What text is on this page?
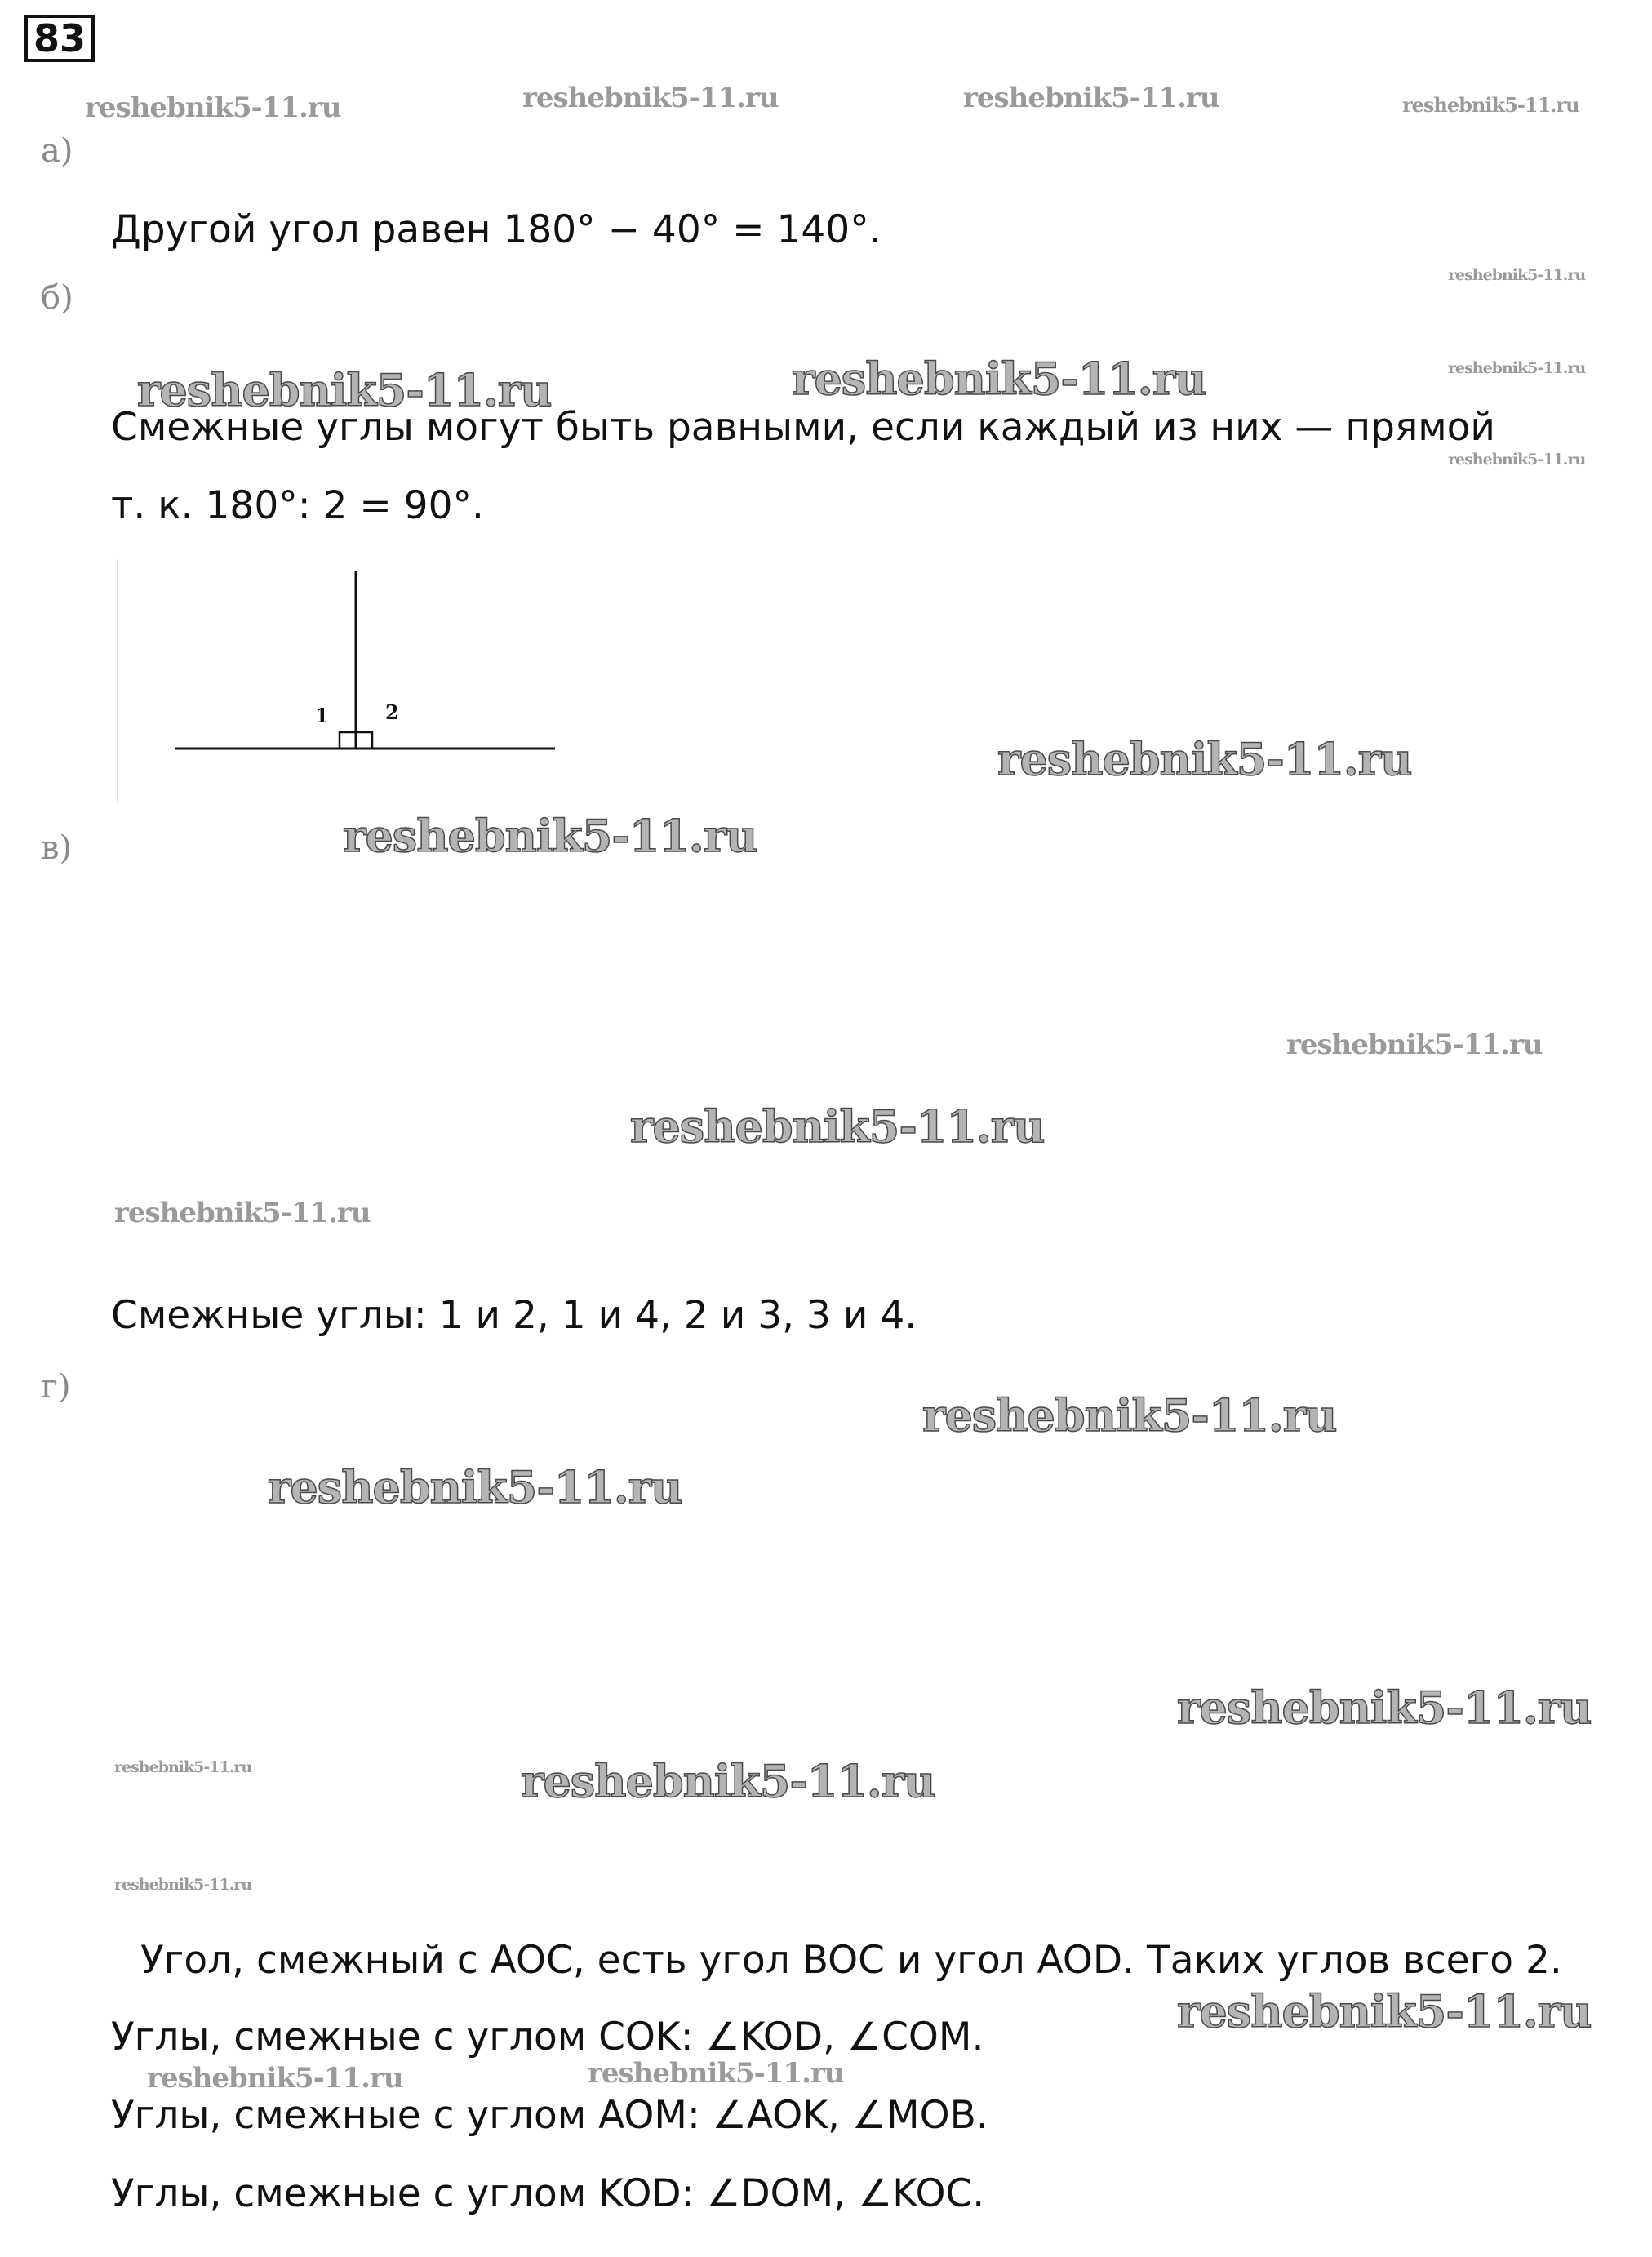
83
а)
б)
в)
г)
Другой угол равен 180° − 40° = 140°.
Смежные углы могут быть равными, если каждый из них — прямой
т. к. 180°: 2 = 90°.
1	2
Смежные углы: 1 и 2, 1 и 4, 2 и 3, 3 и 4.
Угол, смежный с AOC, есть угол BOC и угол AOD. Таких углов всего 2.
Углы, смежные с углом COK: ∠KOD, ∠COM.
Углы, смежные с углом AOM: ∠AOK, ∠MOB.
Углы, смежные с углом KOD: ∠DOM, ∠KOC.
reshebnik5-11.ru	reshebnik5-11.ru	reshebnik5-11.ru	reshebnik5-11.ru
reshebnik5-11.ru
reshebnik5-11.ru
reshebnik5-11.ru
reshebnik5-11.ru	reshebnik5-11.ru
reshebnik5-11.ru
reshebnik5-11.ru
reshebnik5-11.ru
reshebnik5-11.ru
reshebnik5-11.ru
reshebnik5-11.ru
reshebnik5-11.ru
reshebnik5-11.ru
reshebnik5-11.ru	reshebnik5-11.ru
reshebnik5-11.ru
reshebnik5-11.ru
reshebnik5-11.ru	reshebnik5-11.ru
